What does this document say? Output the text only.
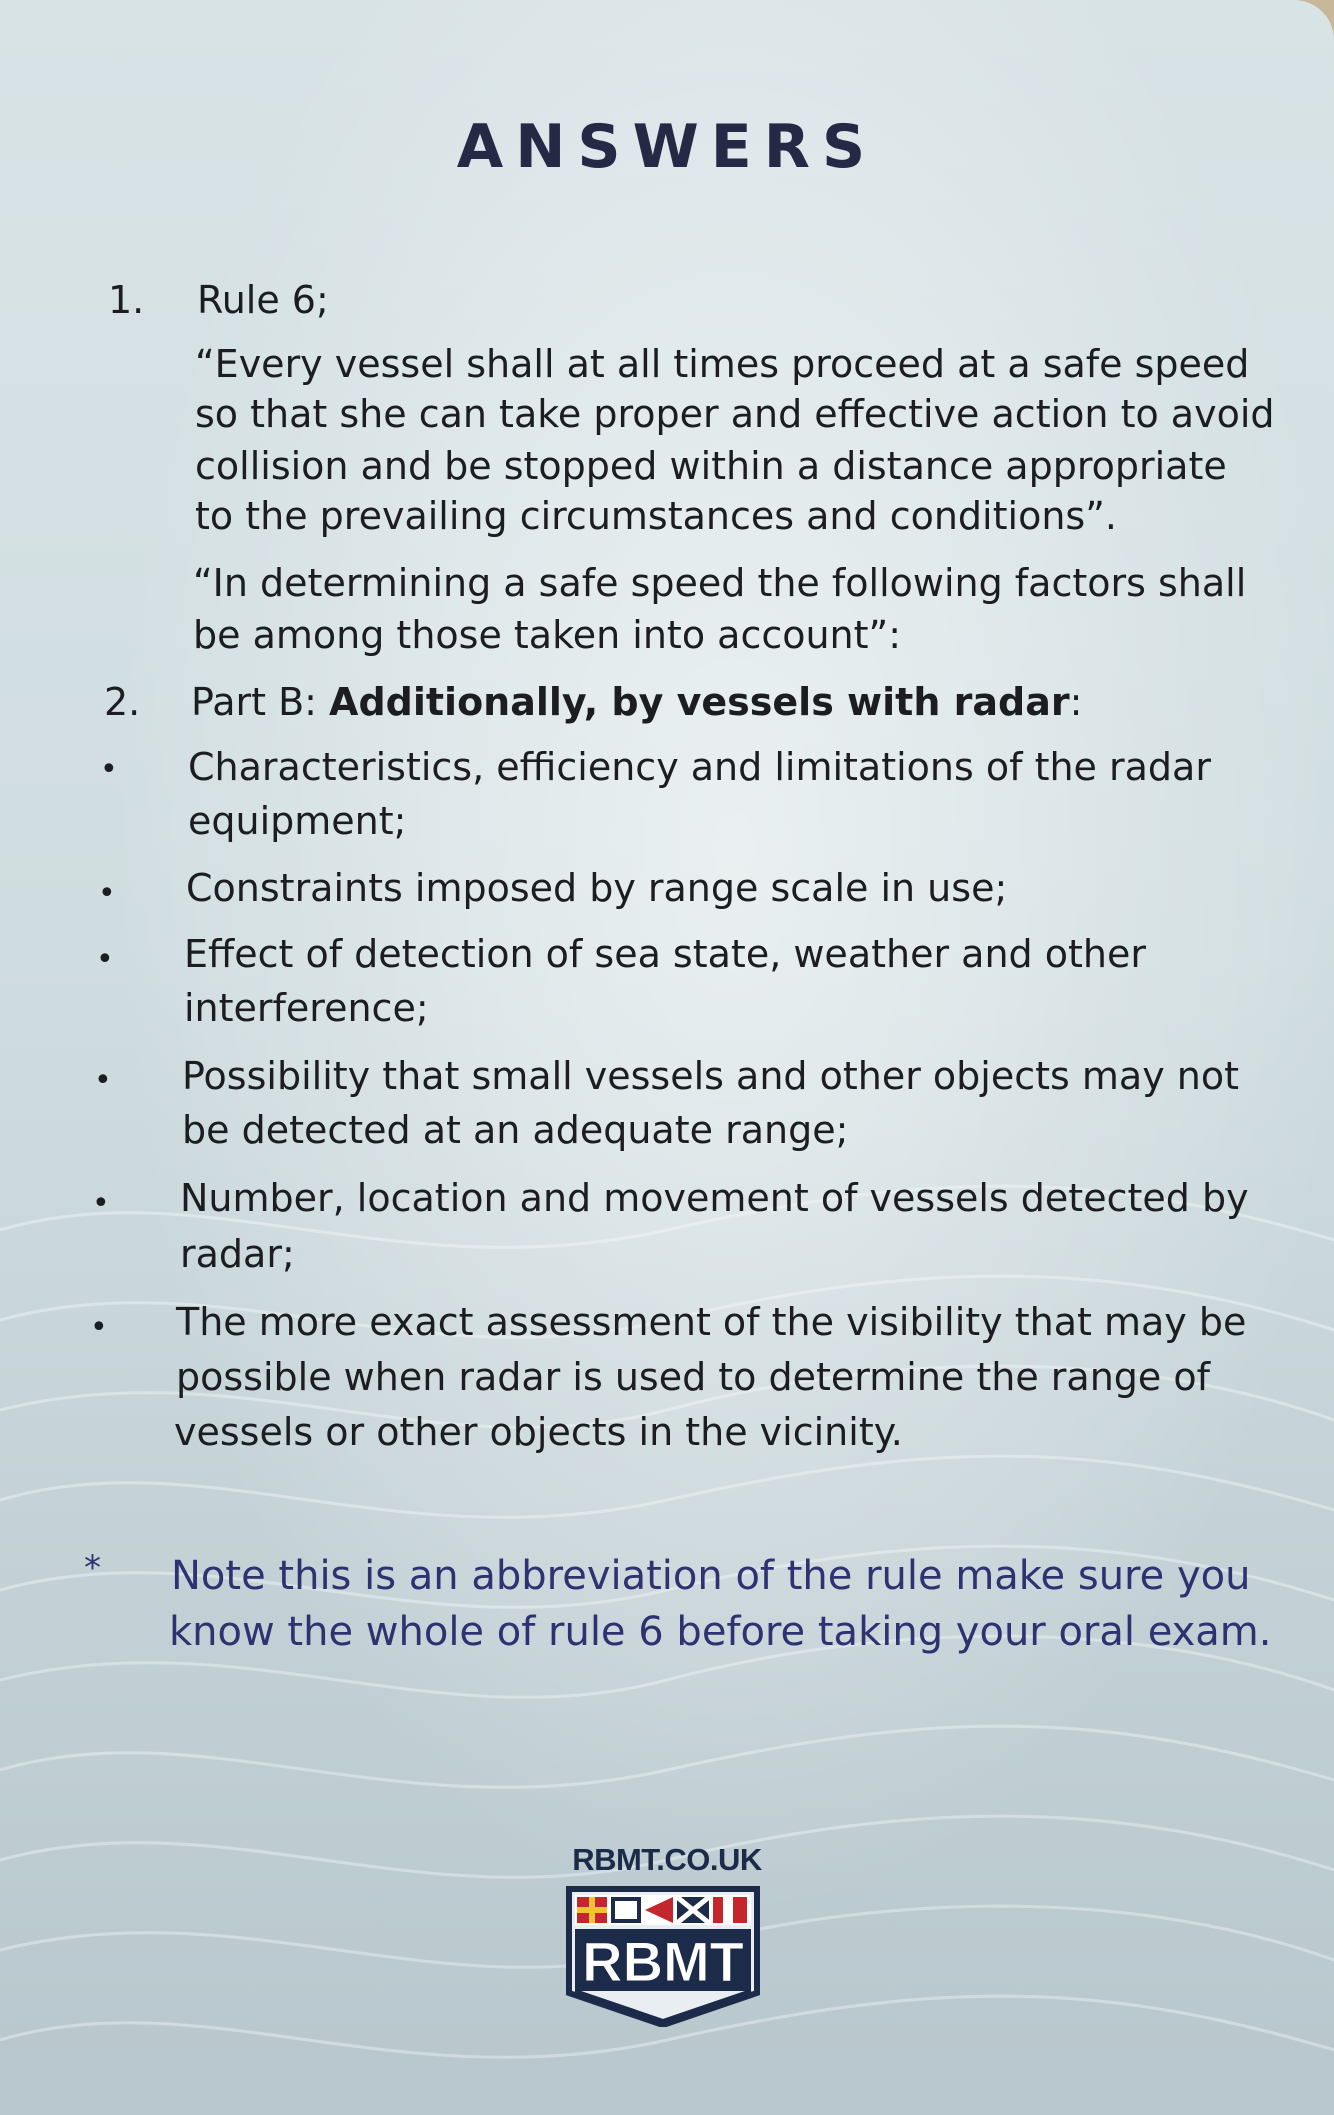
ANSWERS
1. Rule 6;
“Every vessel shall at all times proceed at a safe speed
so that she can take proper and effective action to avoid
collision and be stopped within a distance appropriate
to the prevailing circumstances and conditions”.
“In determining a safe speed the following factors shall
be among those taken into account”:
2. Part B: Additionally, by vessels with radar:
• Characteristics, efficiency and limitations of the radar
equipment;
• Constraints imposed by range scale in use;
• Effect of detection of sea state, weather and other
interference;
• Possibility that small vessels and other objects may not
be detected at an adequate range;
• Number, location and movement of vessels detected by
radar;
• The more exact assessment of the visibility that may be
possible when radar is used to determine the range of
vessels or other objects in the vicinity.
* Note this is an abbreviation of the rule make sure you
know the whole of rule 6 before taking your oral exam.
RBMT.CO.UK
RBMT
